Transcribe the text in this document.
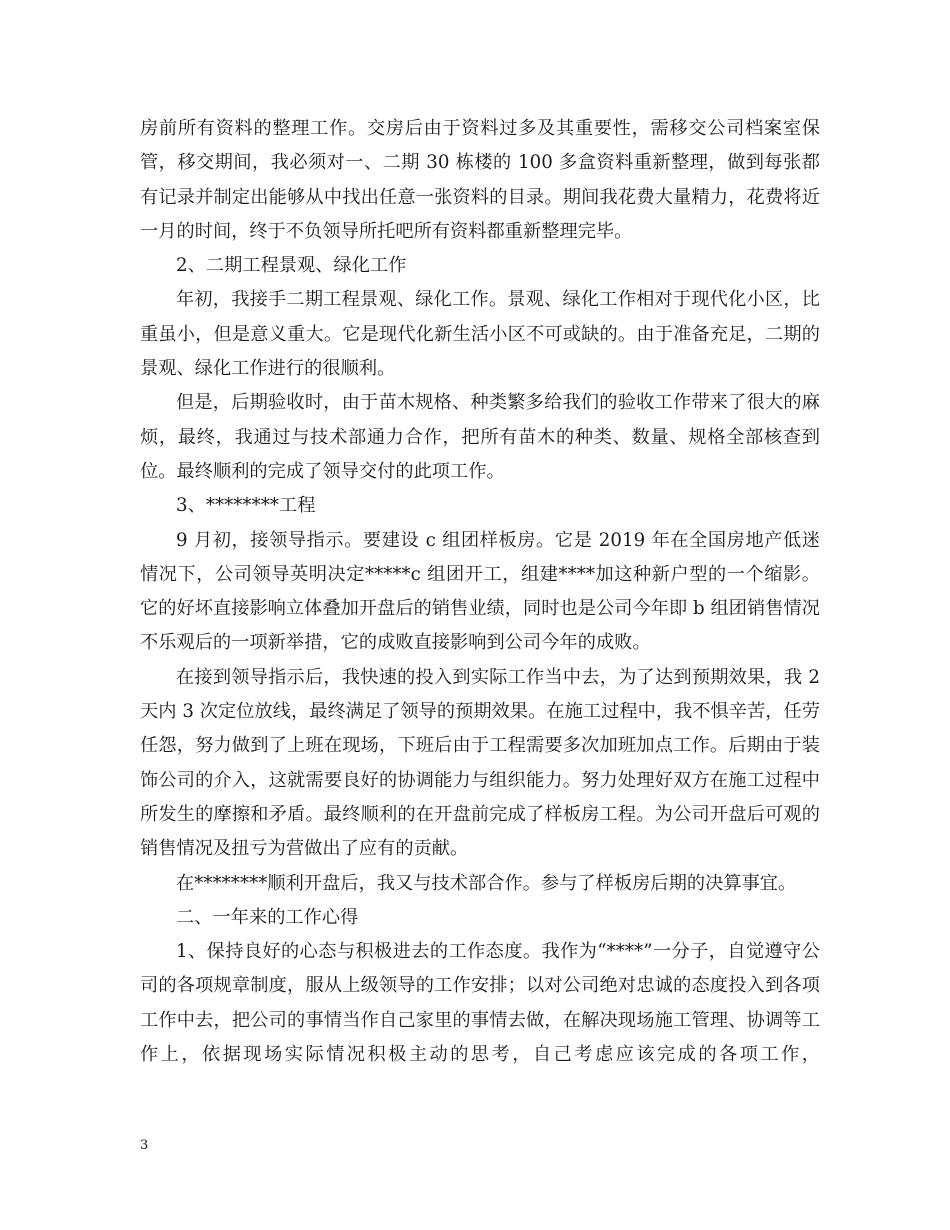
房前所有资料的整理工作。交房后由于资料过多及其重要性，需移交公司档案室保管，移交期间，我必须对一、二期 30 栋楼的 100 多盒资料重新整理，做到每张都有记录并制定出能够从中找出任意一张资料的目录。期间我花费大量精力，花费将近一月的时间，终于不负领导所托吧所有资料都重新整理完毕。

2、二期工程景观、绿化工作

年初，我接手二期工程景观、绿化工作。景观、绿化工作相对于现代化小区，比重虽小，但是意义重大。它是现代化新生活小区不可或缺的。由于准备充足，二期的景观、绿化工作进行的很顺利。

但是，后期验收时，由于苗木规格、种类繁多给我们的验收工作带来了很大的麻烦，最终，我通过与技术部通力合作，把所有苗木的种类、数量、规格全部核查到位。最终顺利的完成了领导交付的此项工作。

3、********工程

9 月初，接领导指示。要建设 c 组团样板房。它是 2019 年在全国房地产低迷情况下，公司领导英明决定*****c 组团开工，组建****加这种新户型的一个缩影。它的好坏直接影响立体叠加开盘后的销售业绩，同时也是公司今年即 b 组团销售情况不乐观后的一项新举措，它的成败直接影响到公司今年的成败。

在接到领导指示后，我快速的投入到实际工作当中去，为了达到预期效果，我 2 天内 3 次定位放线，最终满足了领导的预期效果。在施工过程中，我不惧辛苦，任劳任怨，努力做到了上班在现场，下班后由于工程需要多次加班加点工作。后期由于装饰公司的介入，这就需要良好的协调能力与组织能力。努力处理好双方在施工过程中所发生的摩擦和矛盾。最终顺利的在开盘前完成了样板房工程。为公司开盘后可观的销售情况及扭亏为营做出了应有的贡献。

在********顺利开盘后，我又与技术部合作。参与了样板房后期的决算事宜。

二、一年来的工作心得

1、保持良好的心态与积极进去的工作态度。我作为“****”一分子，自觉遵守公司的各项规章制度，服从上级领导的工作安排；以对公司绝对忠诚的态度投入到各项工作中去，把公司的事情当作自己家里的事情去做，在解决现场施工管理、协调等工作上，依据现场实际情况积极主动的思考，自己考虑应该完成的各项工作，

3
